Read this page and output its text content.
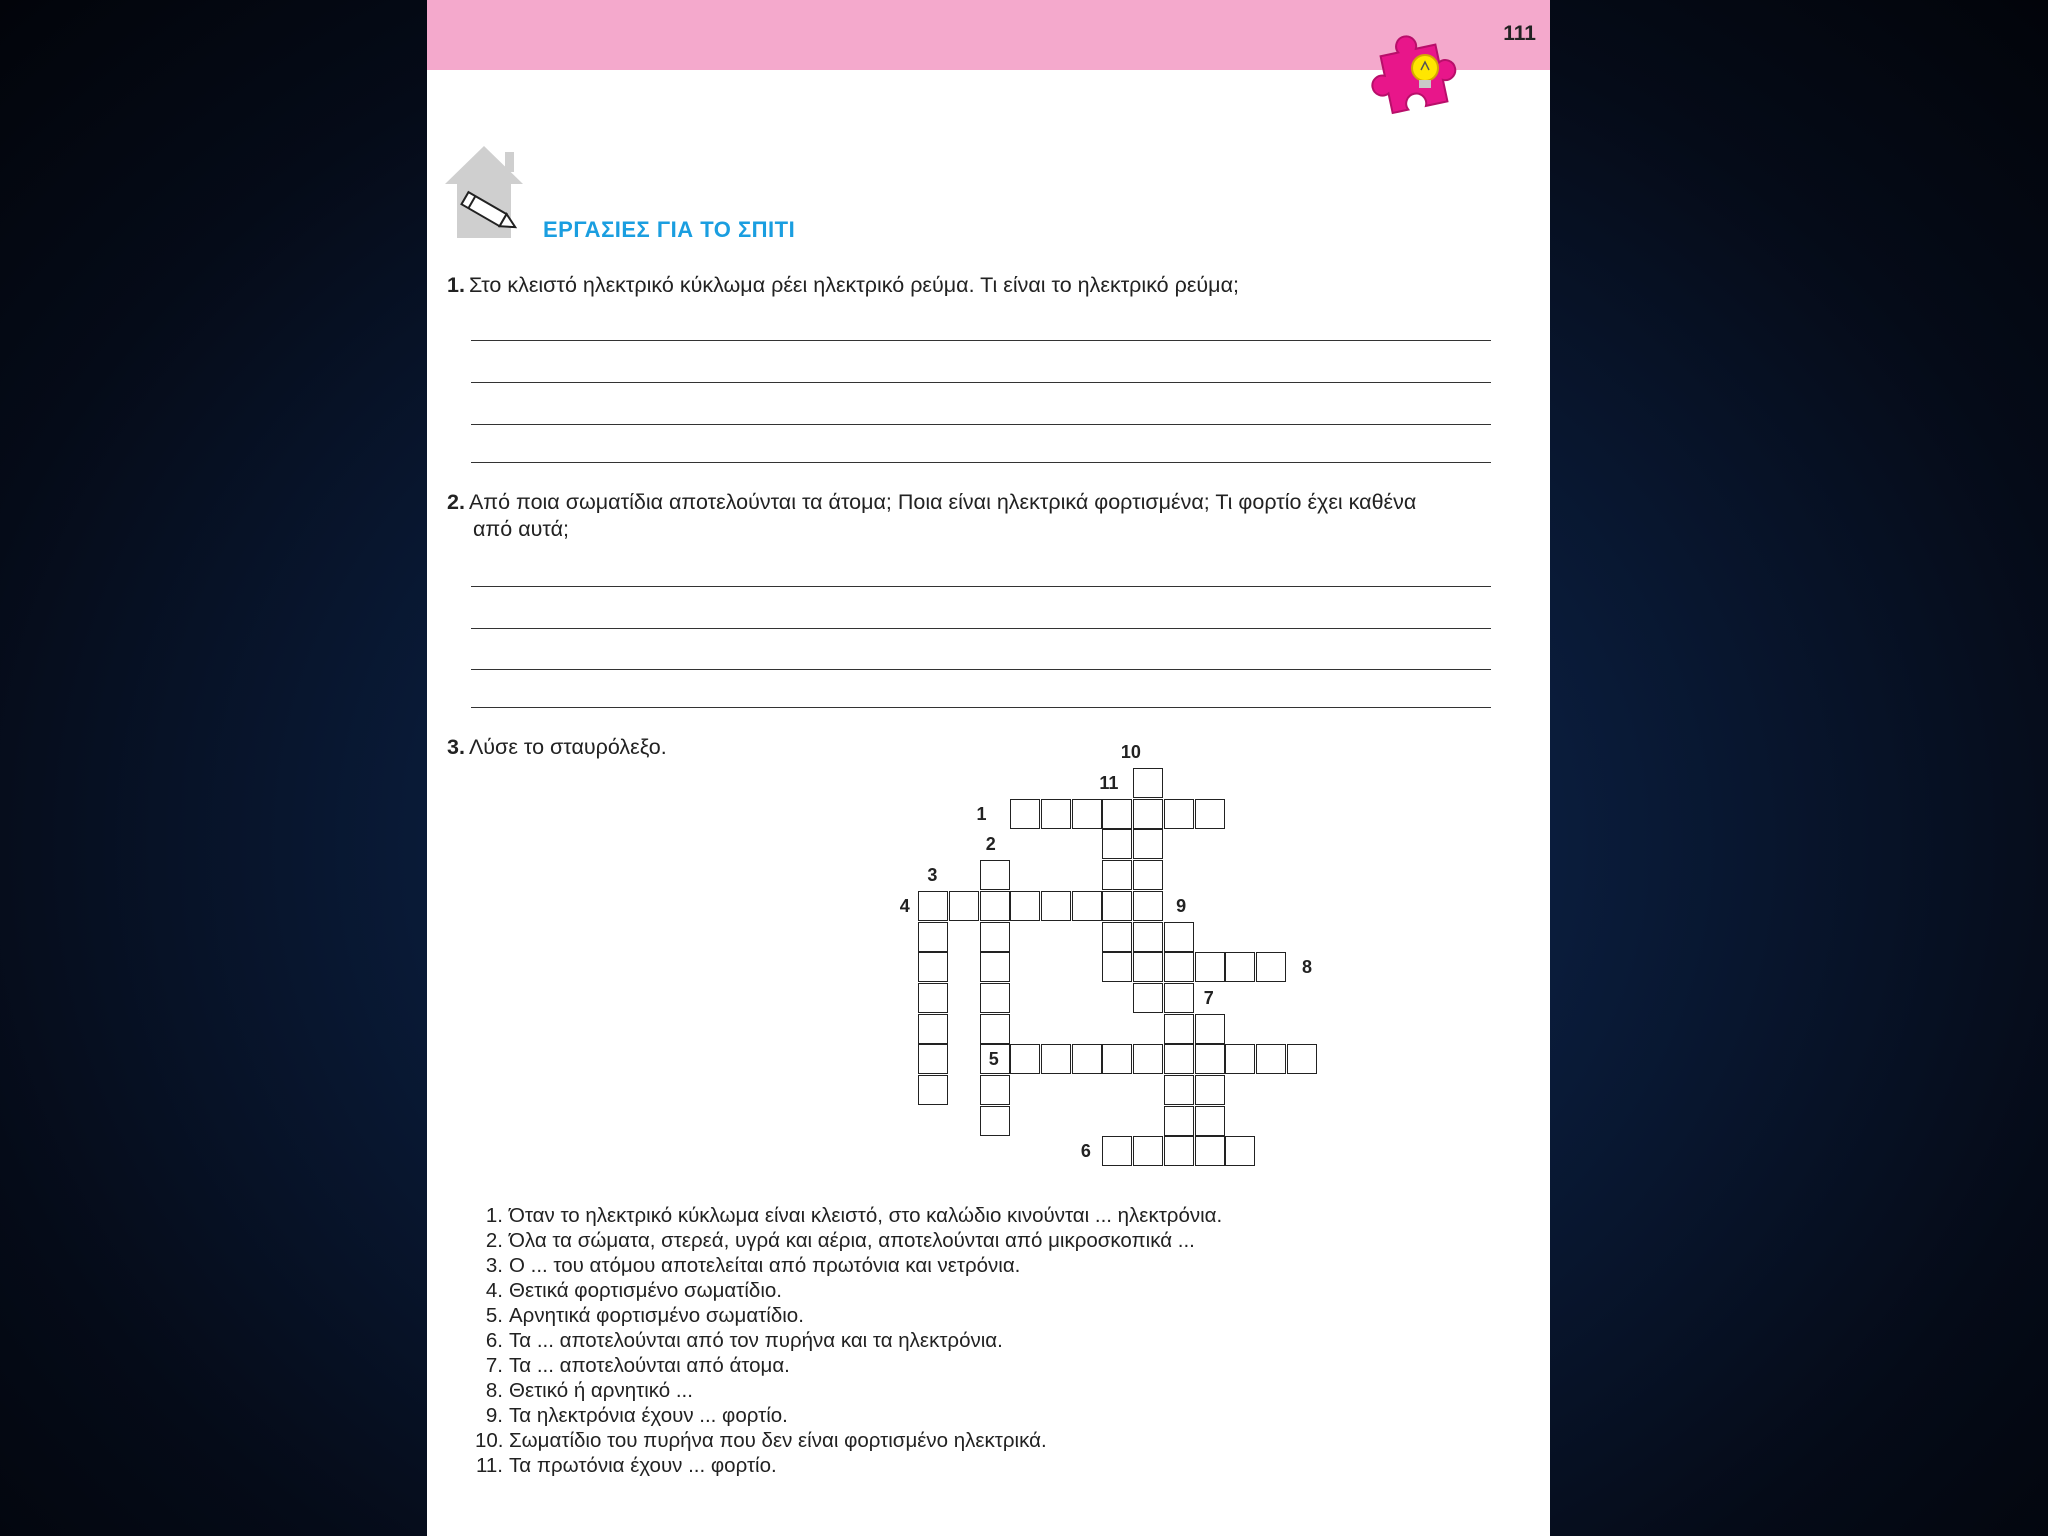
111
ΕΡΓΑΣΙΕΣ ΓΙΑ ΤΟ ΣΠΙΤΙ
1. Στο κλειστό ηλεκτρικό κύκλωμα ρέει ηλεκτρικό ρεύμα. Τι είναι το ηλεκτρικό ρεύμα;
2. Από ποια σωματίδια αποτελούνται τα άτομα; Ποια είναι ηλεκτρικά φορτισμένα; Τι φορτίο έχει καθένα
από αυτά;
3. Λύσε το σταυρόλεξο.
1
2
3
4
5
6
7
8
9
10
11
1. Όταν το ηλεκτρικό κύκλωμα είναι κλειστό, στο καλώδιο κινούνται ... ηλεκτρόνια.
2. Όλα τα σώματα, στερεά, υγρά και αέρια, αποτελούνται από μικροσκοπικά ...
3. Ο ... του ατόμου αποτελείται από πρωτόνια και νετρόνια.
4. Θετικά φορτισμένο σωματίδιο.
5. Αρνητικά φορτισμένο σωματίδιο.
6. Τα ... αποτελούνται από τον πυρήνα και τα ηλεκτρόνια.
7. Τα ... αποτελούνται από άτομα.
8. Θετικό ή αρνητικό ...
9. Τα ηλεκτρόνια έχουν ... φορτίο.
10. Σωματίδιο του πυρήνα που δεν είναι φορτισμένο ηλεκτρικά.
11. Τα πρωτόνια έχουν ... φορτίο.
